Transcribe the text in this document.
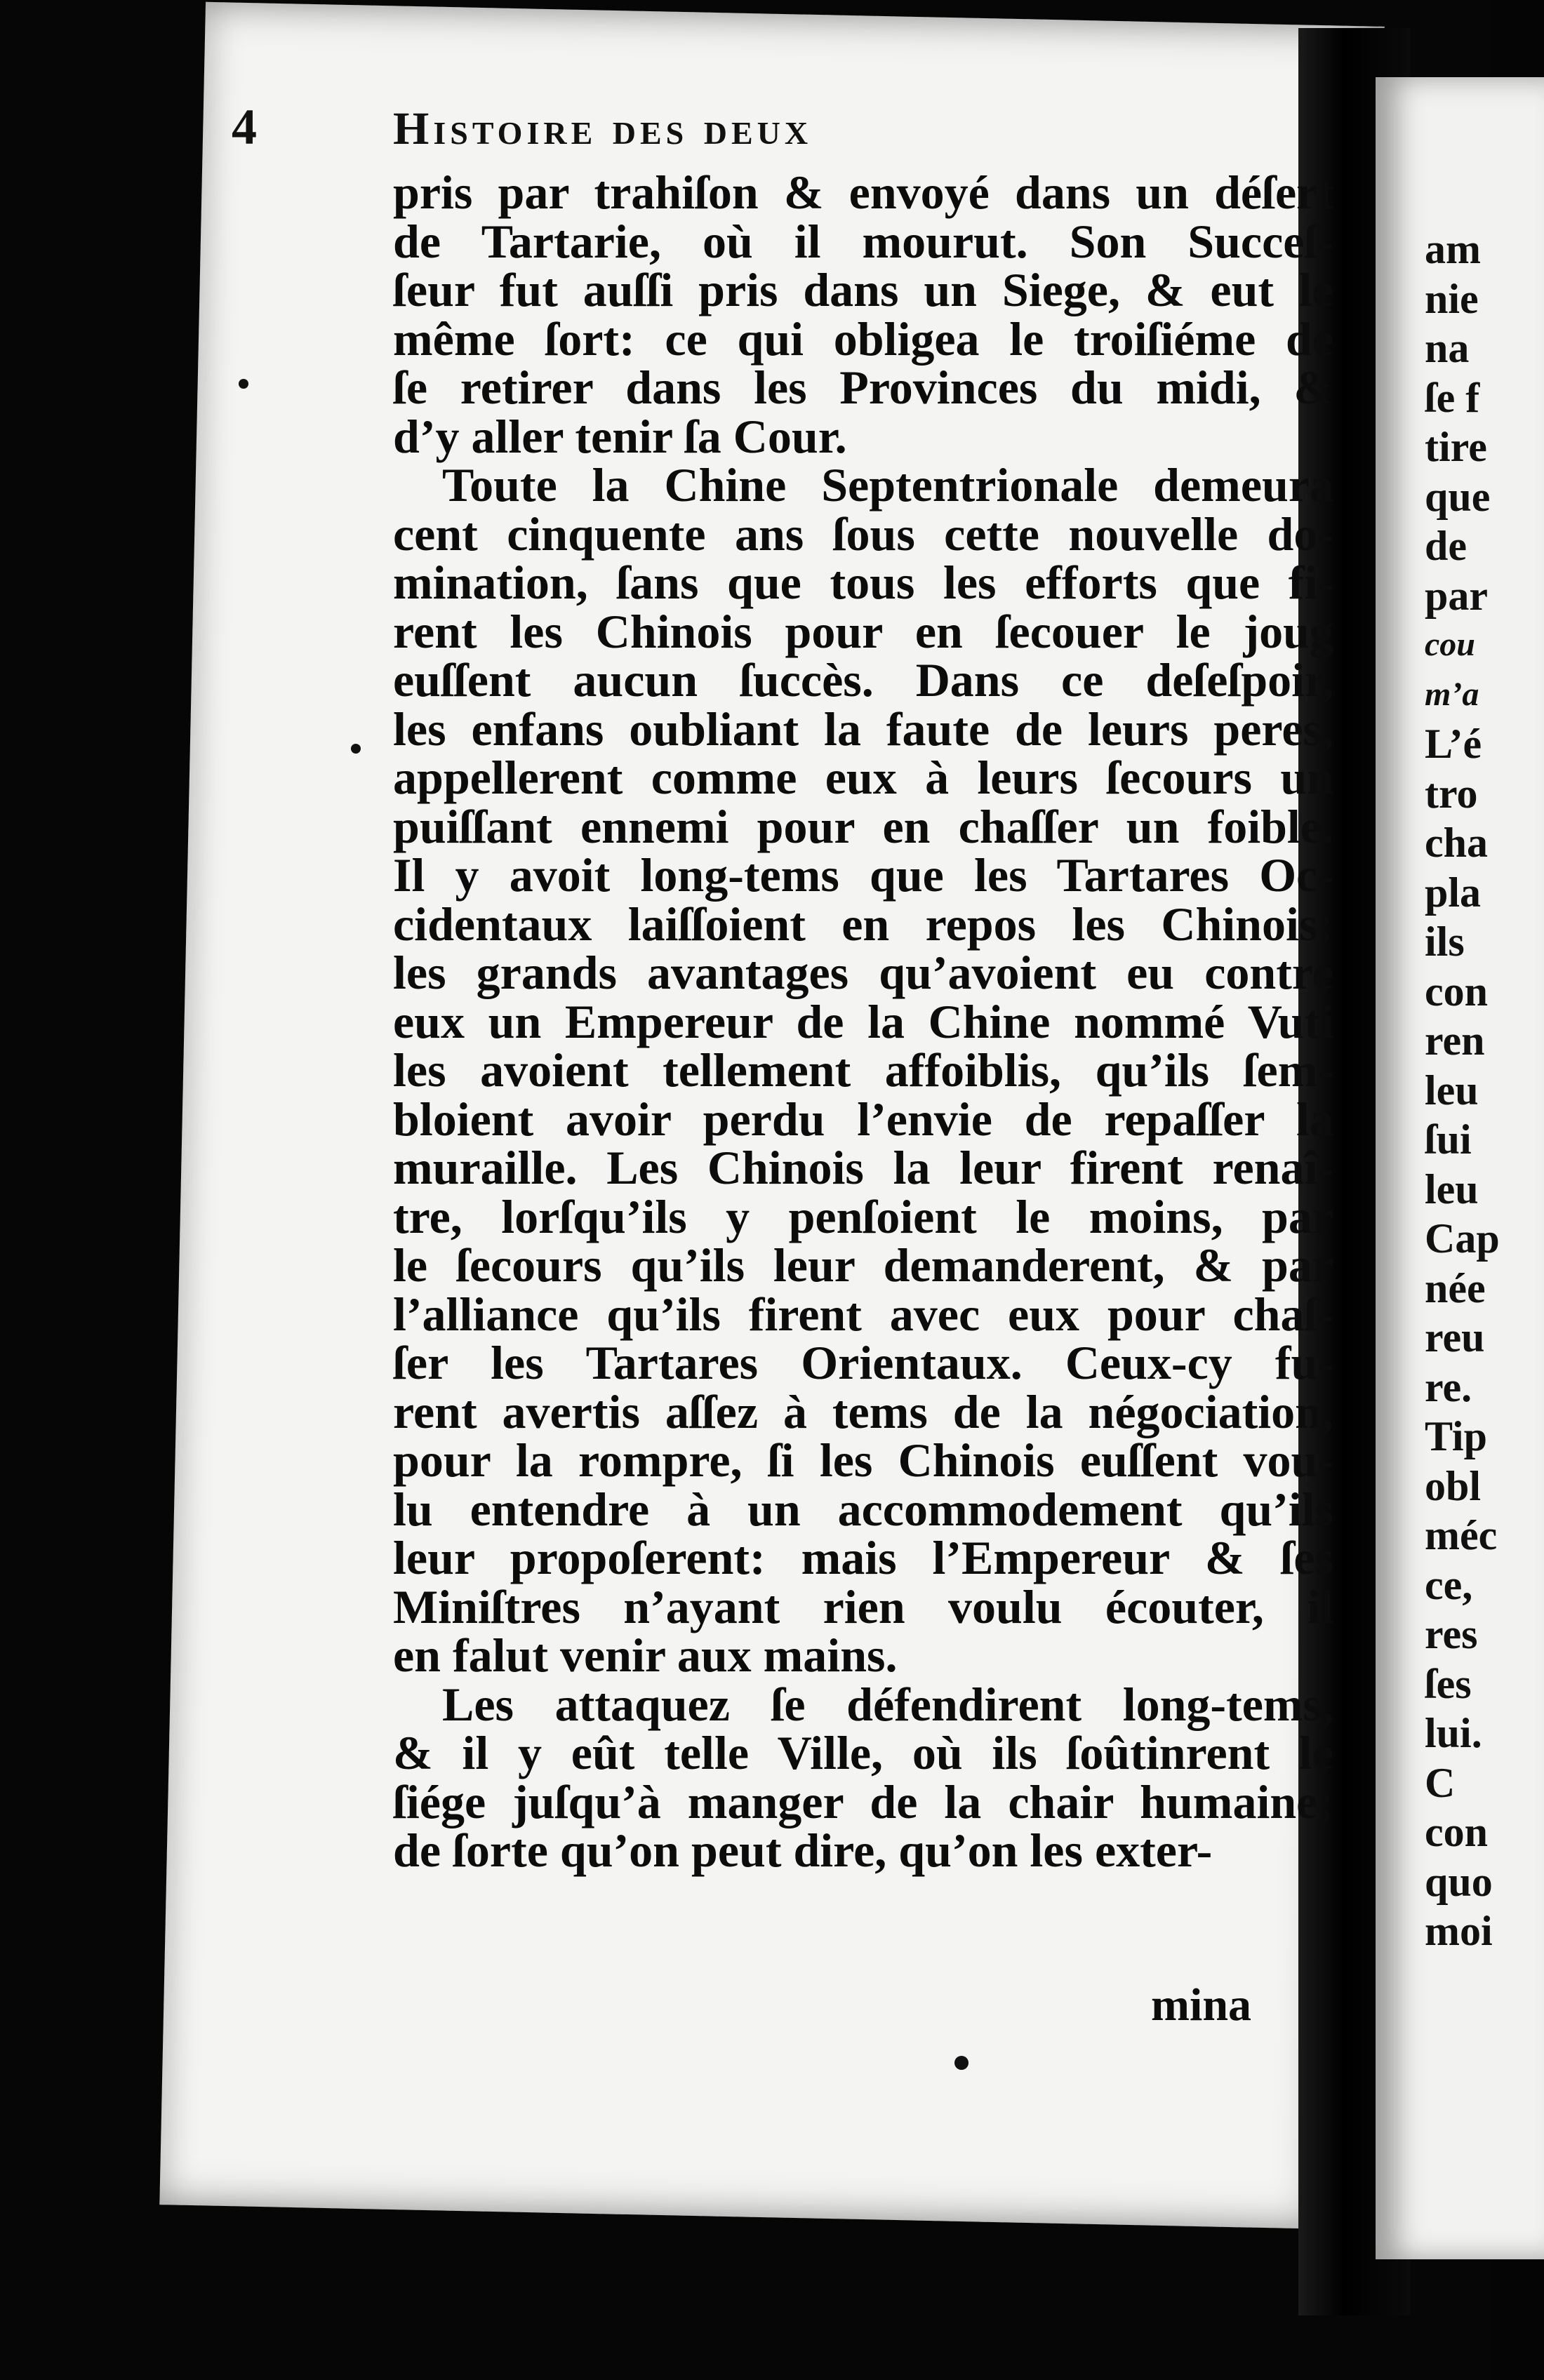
4	Histoire des deux
pris par trahiſon & envoyé dans un déſert
de Tartarie, où il mourut. Son Succeſ-
ſeur fut auſſi pris dans un Siege, & eut le
même ſort: ce qui obligea le troiſiéme de
ſe retirer dans les Provinces du midi, &
d’y aller tenir ſa Cour.
Toute la Chine Septentrionale demeura
cent cinquente ans ſous cette nouvelle do-
mination, ſans que tous les efforts que fi-
rent les Chinois pour en ſecouer le joug
euſſent aucun ſuccès. Dans ce deſeſpoir,
les enfans oubliant la faute de leurs peres,
appellerent comme eux à leurs ſecours un
puiſſant ennemi pour en chaſſer un foible.
Il y avoit long-tems que les Tartares Oc-
cidentaux laiſſoient en repos les Chinois:
les grands avantages qu’avoient eu contre
eux un Empereur de la Chine nommé Vuti
les avoient tellement affoiblis, qu’ils ſem-
bloient avoir perdu l’envie de repaſſer la
muraille. Les Chinois la leur firent renaî-
tre, lorſqu’ils y penſoient le moins, par
le ſecours qu’ils leur demanderent, & par
l’alliance qu’ils firent avec eux pour chaſ-
ſer les Tartares Orientaux. Ceux-cy fu-
rent avertis aſſez à tems de la négociation,
pour la rompre, ſi les Chinois euſſent vou-
lu entendre à un accommodement qu’ils
leur propoſerent: mais l’Empereur & ſes
Miniſtres n’ayant rien voulu écouter, il
en falut venir aux mains.
Les attaquez ſe défendirent long-tems,
& il y eût telle Ville, où ils ſoûtinrent le
ſiége juſqu’à manger de la chair humaine;
de ſorte qu’on peut dire, qu’on les exter-
mina
am
nie
na
ſe f
tire
que
de
par
cou
m’a
L’é
tro
cha
pla
ils
con
ren
leu
ſui
leu
Cap
née
reu
re.
Tip
obl
méc
ce,
res
ſes
lui.
C
con
quo
moi
